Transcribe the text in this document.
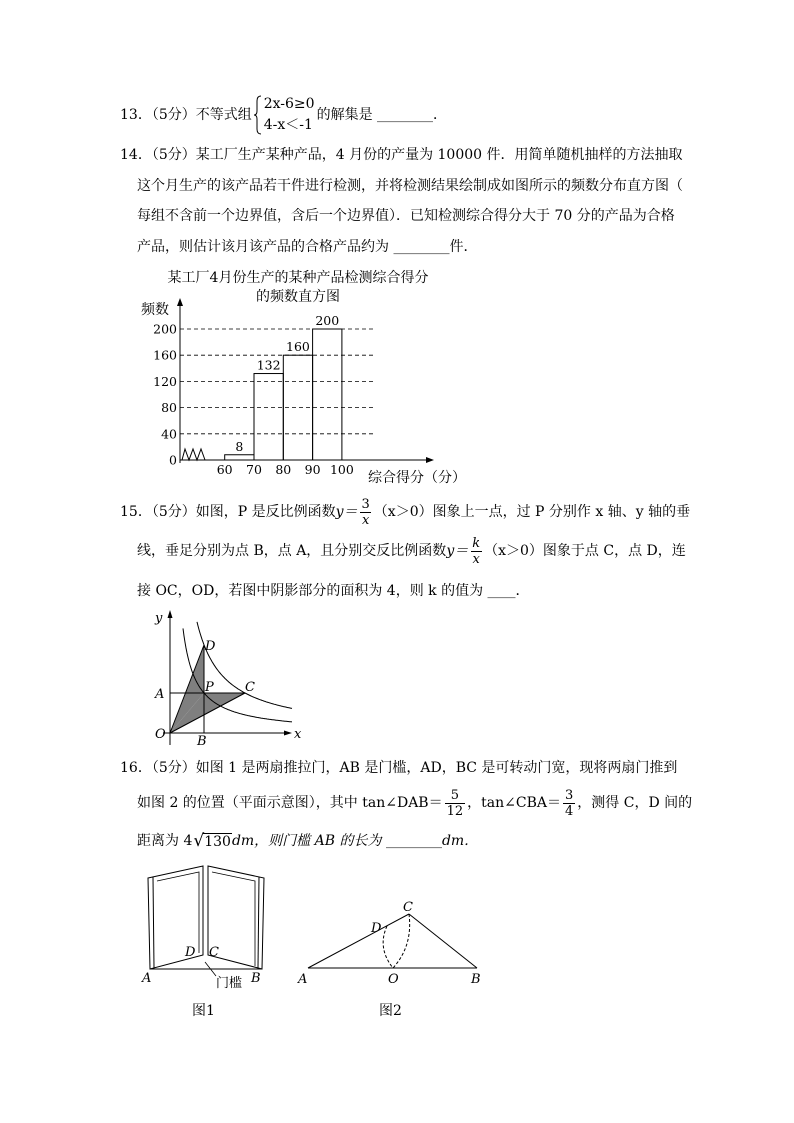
13．（5分）不等式组
2x-6≥0
4-x＜-1
的解集是 ________ ．
14．（5分）某工厂生产某种产品，4 月份的产量为 10000 件．用简单随机抽样的方法抽取
这个月生产的该产品若干件进行检测，并将检测结果绘制成如图所示的频数分布直方图（
每组不含前一个边界值，含后一个边界值）．已知检测综合得分大于 70 分的产品为合格
产品，则估计该月该产品的合格产品约为 ________ 件．
某工厂4月份生产的某种产品检测综合得分
的频数直方图
频数
综合得分（分）
0
40
80
120
160
200
60 70 80 90 100
8
132
160
200
15．（5分）如图，P 是反比例函数 $y= \frac{3}{x} (x>0)$图象上一点，过 P 分别作 x 轴、y 轴的垂
线，垂足分别为点 B，点 A，且分别交反比例函数 $y= \frac{k}{x} (x>0)$图象于点 C，点 D，连
接 OC，OD，若图中阴影部分的面积为 4，则 k 的值为 ____ ．
y
x
D
P C
A
O B
16．（5分）如图 1 是两扇推拉门，AB 是门槛，AD，BC 是可转动门宽，现将两扇门推到
如图 2 的位置（平面示意图），其中 tan∠DAB＝ $\frac{5}{12}$ ，tan∠CBA＝ $\frac{3}{4}$ ，测得 C，D 间的
距离为 4 √ 130 dm，则门槛 AB 的长为 ________ dm．
D C
A	B
门槛
图1
D
C
A	O	B
图2
